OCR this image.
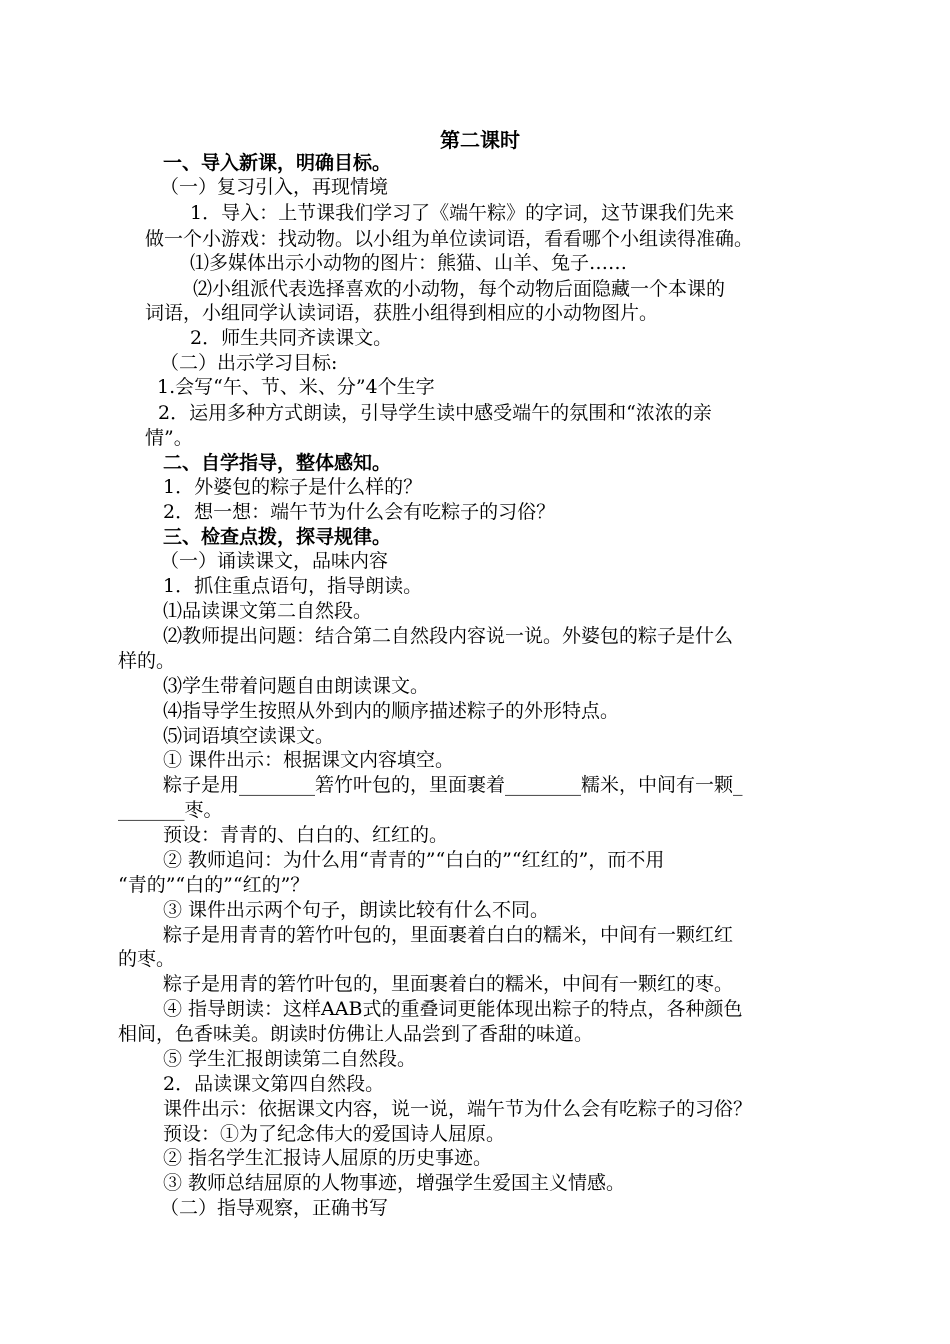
第二课时
一、导入新课，明确目标。
（一）复习引入，再现情境
1．导入：上节课我们学习了《端午粽》的字词，这节课我们先来
做一个小游戏：找动物。以小组为单位读词语，看看哪个小组读得准确。
⑴多媒体出示小动物的图片：熊猫、山羊、兔子……
⑵小组派代表选择喜欢的小动物，每个动物后面隐藏一个本课的
词语，小组同学认读词语，获胜小组得到相应的小动物图片。
2．师生共同齐读课文。
（二）出示学习目标:
1.会写“午、节、米、分”4个生字
2．运用多种方式朗读，引导学生读中感受端午的氛围和“浓浓的亲
情”。
二、自学指导，整体感知。
1．外婆包的粽子是什么样的？
2．想一想：端午节为什么会有吃粽子的习俗？
三、检查点拨，探寻规律。
（一）诵读课文，品味内容
1．抓住重点语句，指导朗读。
⑴品读课文第二自然段。
⑵教师提出问题：结合第二自然段内容说一说。外婆包的粽子是什么
样的。
⑶学生带着问题自由朗读课文。
⑷指导学生按照从外到内的顺序描述粽子的外形特点。
⑸词语填空读课文。
① 课件出示：根据课文内容填空。
粽子是用________箬竹叶包的，里面裹着________糯米，中间有一颗_
_______枣。
预设：青青的、白白的、红红的。
② 教师追问：为什么用“青青的”“白白的”“红红的”，而不用
“青的”“白的”“红的”？
③ 课件出示两个句子，朗读比较有什么不同。
粽子是用青青的箬竹叶包的，里面裹着白白的糯米，中间有一颗红红
的枣。
粽子是用青的箬竹叶包的，里面裹着白的糯米，中间有一颗红的枣。
④ 指导朗读：这样AAB式的重叠词更能体现出粽子的特点，各种颜色
相间，色香味美。朗读时仿佛让人品尝到了香甜的味道。
⑤ 学生汇报朗读第二自然段。
2．品读课文第四自然段。
课件出示：依据课文内容，说一说，端午节为什么会有吃粽子的习俗？
预设：①为了纪念伟大的爱国诗人屈原。
② 指名学生汇报诗人屈原的历史事迹。
③ 教师总结屈原的人物事迹，增强学生爱国主义情感。
（二）指导观察，正确书写
